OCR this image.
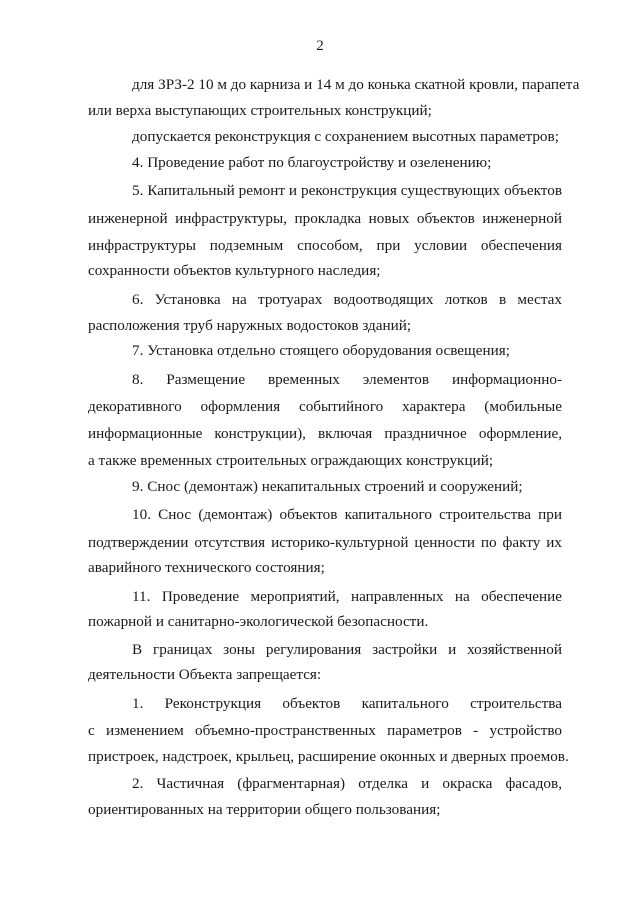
2
для ЗРЗ-2 10 м до карниза и 14 м до конька скатной кровли, парапета
или верха выступающих строительных конструкций;
допускается реконструкция с сохранением высотных параметров;
4. Проведение работ по благоустройству и озеленению;
5. Капитальный ремонт и реконструкция существующих объектов
инженерной инфраструктуры, прокладка новых объектов инженерной
инфраструктуры подземным способом, при условии обеспечения
сохранности объектов культурного наследия;
6. Установка на тротуарах водоотводящих лотков в местах
расположения труб наружных водостоков зданий;
7. Установка отдельно стоящего оборудования освещения;
8. Размещение временных элементов информационно-
декоративного оформления событийного характера (мобильные
информационные конструкции), включая праздничное оформление,
а также временных строительных ограждающих конструкций;
9. Снос (демонтаж) некапитальных строений и сооружений;
10. Снос (демонтаж) объектов капитального строительства при
подтверждении отсутствия историко-культурной ценности по факту их
аварийного технического состояния;
11. Проведение мероприятий, направленных на обеспечение
пожарной и санитарно-экологической безопасности.
В границах зоны регулирования застройки и хозяйственной
деятельности Объекта запрещается:
1. Реконструкция объектов капитального строительства
с изменением объемно-пространственных параметров - устройство
пристроек, надстроек, крыльец, расширение оконных и дверных проемов.
2. Частичная (фрагментарная) отделка и окраска фасадов,
ориентированных на территории общего пользования;
